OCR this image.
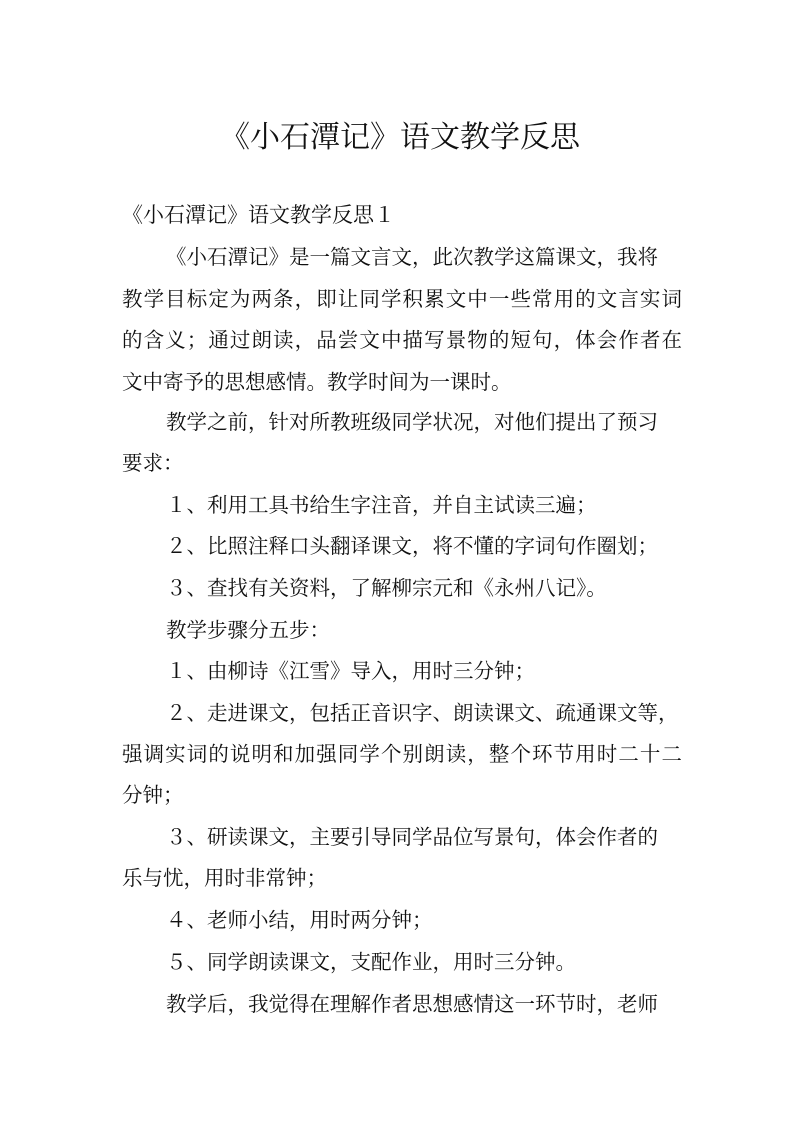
《小石潭记》语文教学反思
《小石潭记》语文教学反思１
《小石潭记》是一篇文言文，此次教学这篇课文，我将
教学目标定为两条，即让同学积累文中一些常用的文言实词
的含义；通过朗读，品尝文中描写景物的短句，体会作者在
文中寄予的思想感情。教学时间为一课时。
教学之前，针对所教班级同学状况，对他们提出了预习
要求：
１、利用工具书给生字注音，并自主试读三遍；
２、比照注释口头翻译课文，将不懂的字词句作圈划；
３、查找有关资料，了解柳宗元和《永州八记》。
教学步骤分五步：
１、由柳诗《江雪》导入，用时三分钟；
２、走进课文，包括正音识字、朗读课文、疏通课文等，
强调实词的说明和加强同学个别朗读，整个环节用时二十二
分钟；
３、研读课文，主要引导同学品位写景句，体会作者的
乐与忧，用时非常钟；
４、老师小结，用时两分钟；
５、同学朗读课文，支配作业，用时三分钟。
教学后，我觉得在理解作者思想感情这一环节时，老师
